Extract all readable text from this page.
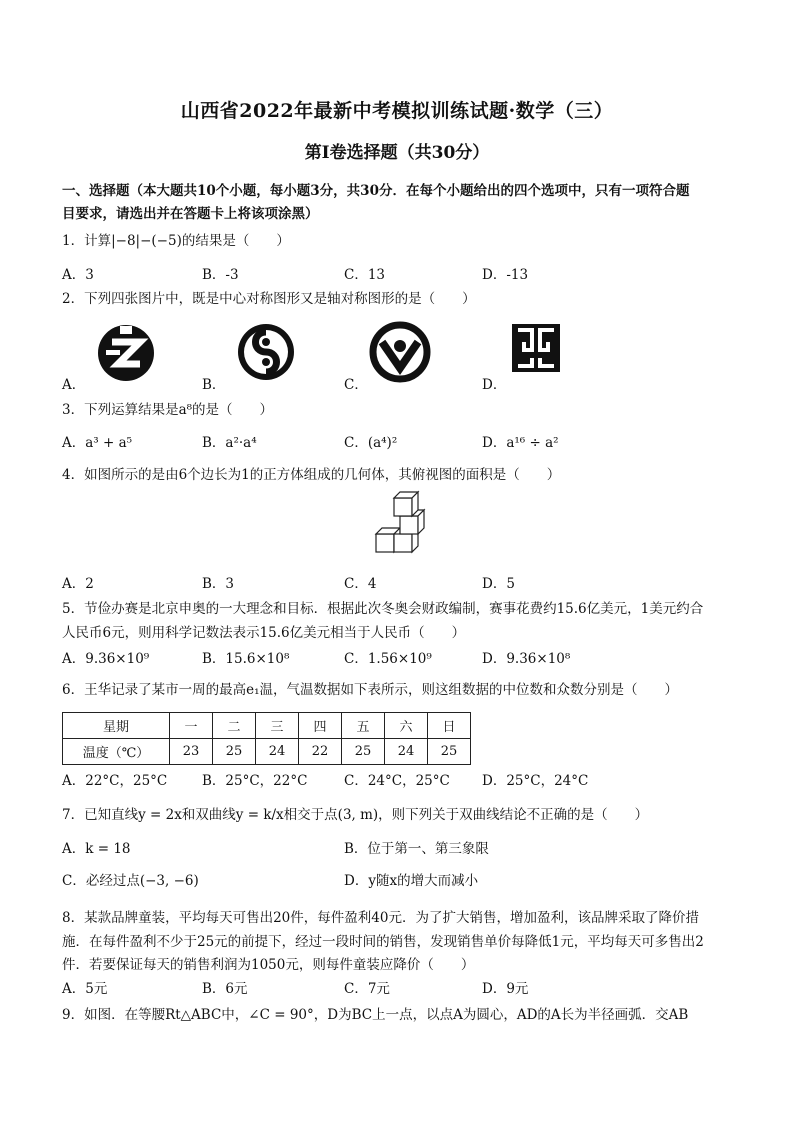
山西省2022年最新中考模拟训练试题·数学（三）
第Ⅰ卷选择题（共30分）
一、选择题（本大题共10个小题，每小题3分，共30分．在每个小题给出的四个选项中，只有一项符合题
目要求，请选出并在答题卡上将该项涂黑）
1．计算|−8|−(−5)的结果是（　　）
A．3	B．-3	C．13	D．-13
2．下列四张图片中，既是中心对称图形又是轴对称图形的是（　　）
A．	B．	C．	D．
3．下列运算结果是a⁸的是（　　）
A．a³ + a⁵	B．a²·a⁴	C．(a⁴)²	D．a¹⁶ ÷ a²
4．如图所示的是由6个边长为1的正方体组成的几何体，其俯视图的面积是（　　）
A．2	B．3	C．4	D．5
5．节俭办赛是北京申奥的一大理念和目标．根据此次冬奥会财政编制，赛事花费约15.6亿美元，1美元约合
人民币6元，则用科学记数法表示15.6亿美元相当于人民币（　　）
A．9.36×10⁹	B．15.6×10⁸	C．1.56×10⁹	D．9.36×10⁸
6．王华记录了某市一周的最高e₁温，气温数据如下表所示，则这组数据的中位数和众数分别是（　　）
星期	一	二	三	四	五	六	日
温度（℃）	23	25	24	22	25	24	25
A．22°C，25°C	B．25°C，22°C	C．24°C，25°C D．25°C，24°C
7．已知直线y = 2x和双曲线y = k/x相交于点(3, m)，则下列关于双曲线结论不正确的是（　　）
A．k = 18	B．位于第一、第三象限
C．必经过点(−3, −6)	D．y随x的增大而减小
8．某款品牌童装，平均每天可售出20件，每件盈利40元．为了扩大销售，增加盈利，该品牌采取了降价措
施．在每件盈利不少于25元的前提下，经过一段时间的销售，发现销售单价每降低1元，平均每天可多售出2
件．若要保证每天的销售利润为1050元，则每件童装应降价（　　）
A．5元	B．6元	C．7元	D．9元
9．如图．在等腰Rt△ABC中，∠C = 90°，D为BC上一点，以点A为圆心，AD的A长为半径画弧．交AB
